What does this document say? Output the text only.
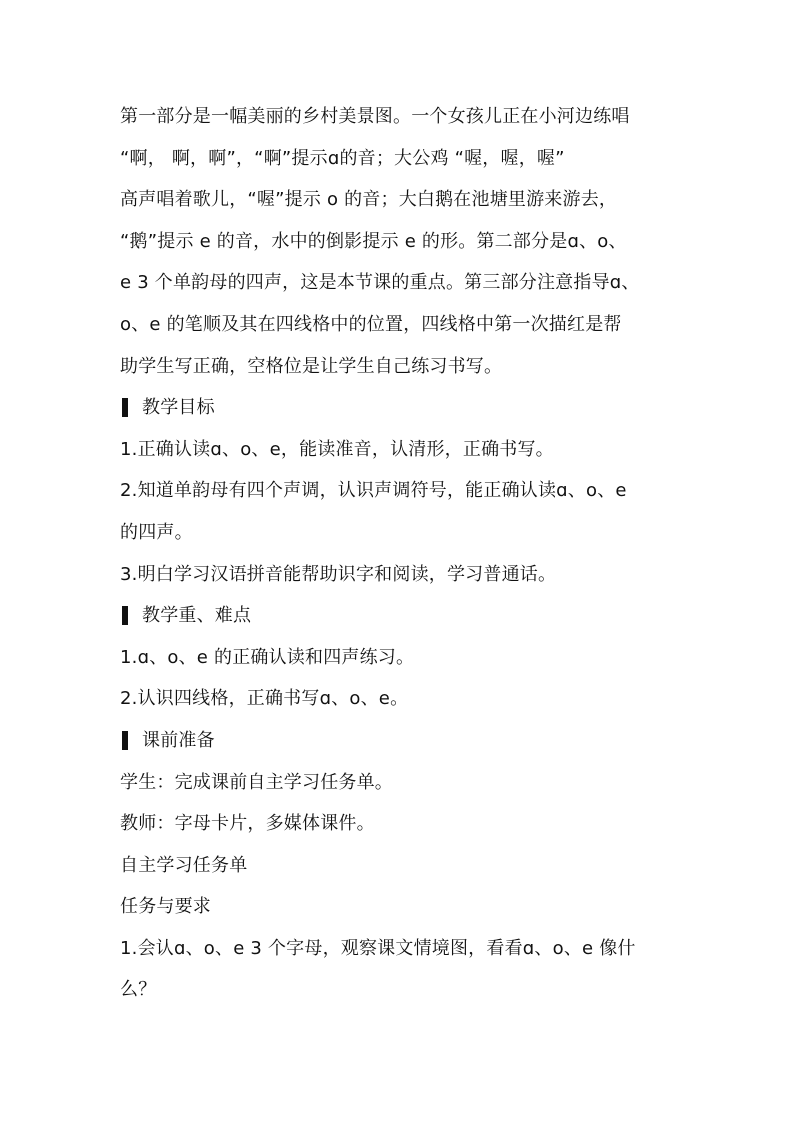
第一部分是一幅美丽的乡村美景图。一个女孩儿正在小河边练唱
“啊， 啊，啊”，“啊”提示ɑ的音；大公鸡 “喔，喔，喔”
高声唱着歌儿，“喔”提示 o 的音；大白鹅在池塘里游来游去，
“鹅”提示 e 的音，水中的倒影提示 e 的形。第二部分是ɑ、o、
e 3 个单韵母的四声，这是本节课的重点。第三部分注意指导ɑ、
o、e 的笔顺及其在四线格中的位置，四线格中第一次描红是帮
助学生写正确，空格位是让学生自己练习书写。
教学目标
1.正确认读ɑ、o、e，能读准音，认清形，正确书写。
2.知道单韵母有四个声调，认识声调符号，能正确认读ɑ、o、e
的四声。
3.明白学习汉语拼音能帮助识字和阅读，学习普通话。
教学重、难点
1.ɑ、o、e 的正确认读和四声练习。
2.认识四线格，正确书写ɑ、o、e。
课前准备
学生：完成课前自主学习任务单。
教师：字母卡片，多媒体课件。
自主学习任务单
任务与要求
1.会认ɑ、o、e 3 个字母，观察课文情境图，看看ɑ、o、e 像什
么？
